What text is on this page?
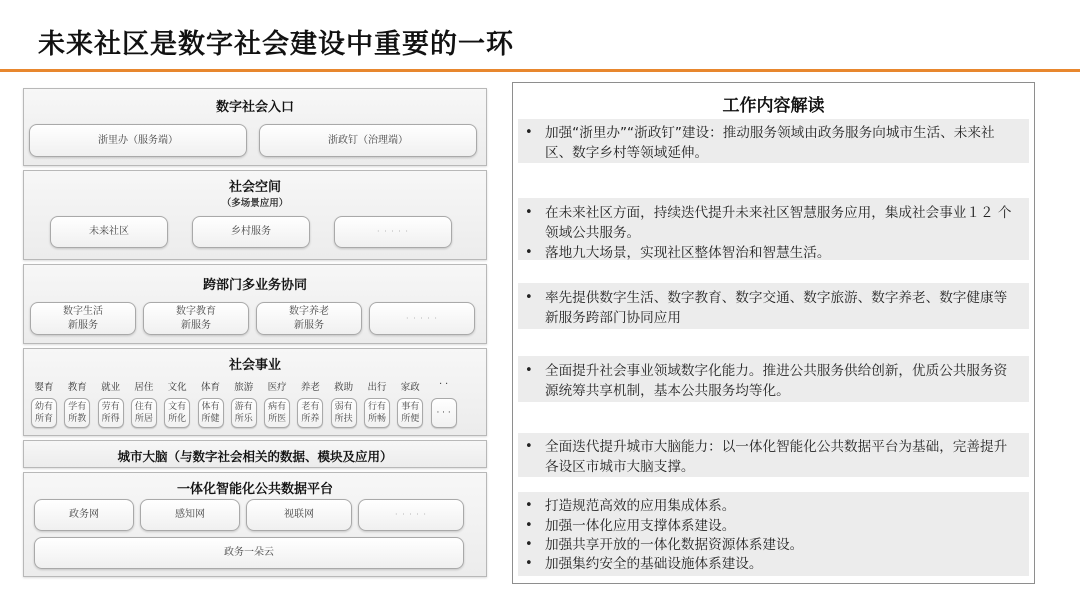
未来社区是数字社会建设中重要的一环
数字社会入口
浙里办（服务端）	浙政钉（治理端）
社会空间
（多场景应用）
未来社区	乡村服务	· · · · ·
跨部门多业务协同
数字生活
新服务
数字教育
新服务
数字养老
新服务
· · · · ·
社会事业
婴育	教育	就业	居住	文化	体育	旅游	医疗	养老	救助	出行	家政	· ·
幼有
所育
学有
所教
劳有
所得
住有
所居
文有
所化
体有
所健
游有
所乐
病有
所医
老有
所养
弱有
所扶
行有
所畅
事有
所便
· · ·
城市大脑（与数字社会相关的数据、模块及应用）
一体化智能化公共数据平台
政务网	感知网	视联网	· · · · ·
政务一朵云
工作内容解读
• 加强“浙里办”“浙政钉”建设：推动服务领域由政务服务向城市生活、未来社区、数字乡村等领域延伸。
• 在未来社区方面，持续迭代提升未来社区智慧服务应用，集成社会事业１２ 个领域公共服务。
• 落地九大场景，实现社区整体智治和智慧生活。
• 率先提供数字生活、数字教育、数字交通、数字旅游、数字养老、数字健康等新服务跨部门协同应用
• 全面提升社会事业领域数字化能力。推进公共服务供给创新，优质公共服务资源统筹共享机制，基本公共服务均等化。
• 全面迭代提升城市大脑能力：以一体化智能化公共数据平台为基础，完善提升各设区市城市大脑支撑。
• 打造规范高效的应用集成体系。
• 加强一体化应用支撑体系建设。
• 加强共享开放的一体化数据资源体系建设。
• 加强集约安全的基础设施体系建设。
